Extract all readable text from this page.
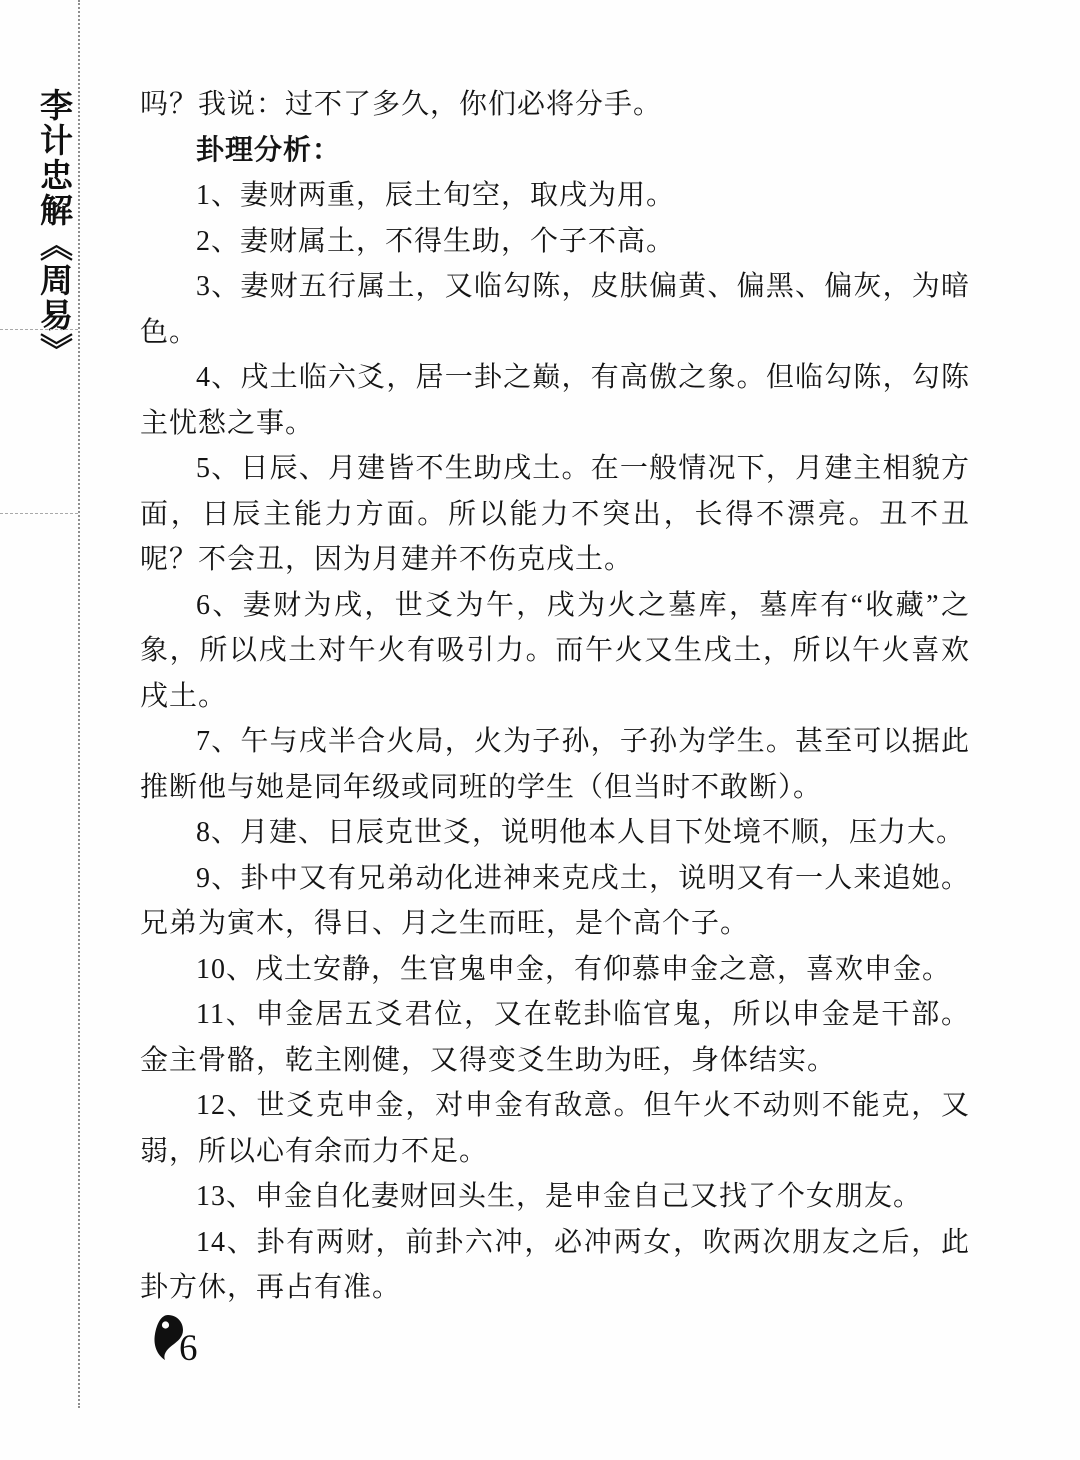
李计忠解《周易》 吗？我说：过不了多久，你们必将分手。

卦理分析：

1、妻财两重，辰土旬空，取戌为用。

2、妻财属土，不得生助，个子不高。

3、妻财五行属土，又临勾陈，皮肤偏黄、偏黑、偏灰，为暗色。

4、戌土临六爻，居一卦之巅，有高傲之象。但临勾陈，勾陈主忧愁之事。

5、日辰、月建皆不生助戌土。在一般情况下，月建主相貌方面，日辰主能力方面。所以能力不突出，长得不漂亮。丑不丑呢？不会丑，因为月建并不伤克戌土。

6、妻财为戌，世爻为午，戌为火之墓库，墓库有“收藏”之象，所以戌土对午火有吸引力。而午火又生戌土，所以午火喜欢戌土。

7、午与戌半合火局，火为子孙，子孙为学生。甚至可以据此推断他与她是同年级或同班的学生（但当时不敢断）。

8、月建、日辰克世爻，说明他本人目下处境不顺，压力大。

9、卦中又有兄弟动化进神来克戌土，说明又有一人来追她。兄弟为寅木，得日、月之生而旺，是个高个子。

10、戌土安静，生官鬼申金，有仰慕申金之意，喜欢申金。

11、申金居五爻君位，又在乾卦临官鬼，所以申金是干部。金主骨骼，乾主刚健，又得变爻生助为旺，身体结实。

12、世爻克申金，对申金有敌意。但午火不动则不能克，又弱，所以心有余而力不足。

13、申金自化妻财回头生，是申金自己又找了个女朋友。

14、卦有两财，前卦六冲，必冲两女，吹两次朋友之后，此卦方休，再占有准。

6
